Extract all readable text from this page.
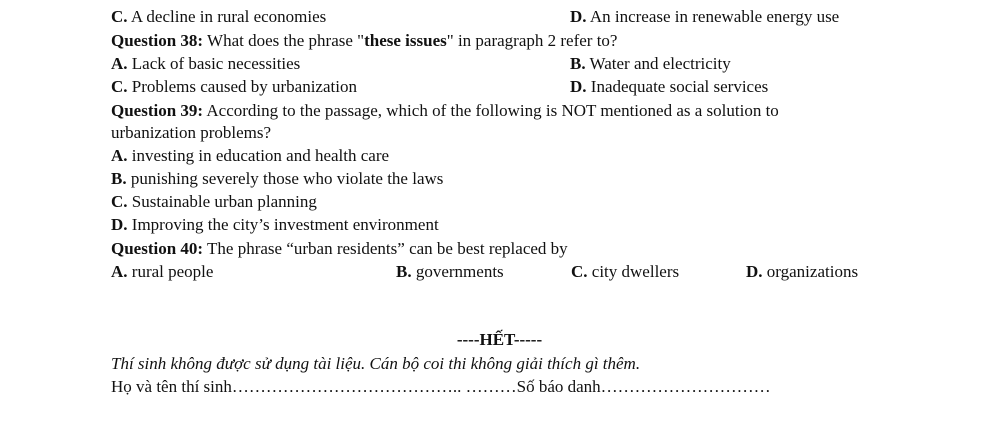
C. A decline in rural economies	D. An increase in renewable energy use
Question 38: What does the phrase "these issues" in paragraph 2 refer to?
A. Lack of basic necessities	B. Water and electricity
C. Problems caused by urbanization	D. Inadequate social services
Question 39: According to the passage, which of the following is NOT mentioned as a solution to
urbanization problems?
A. investing in education and health care
B. punishing severely those who violate the laws
C. Sustainable urban planning
D. Improving the city’s investment environment
Question 40: The phrase “urban residents” can be best replaced by
A. rural people	B. governments	C. city dwellers	D. organizations
----HẾT-----
Thí sinh không được sử dụng tài liệu. Cán bộ coi thi không giải thích gì thêm.
Họ và tên thí sinh………………………………….. ………Số báo danh…………………………
